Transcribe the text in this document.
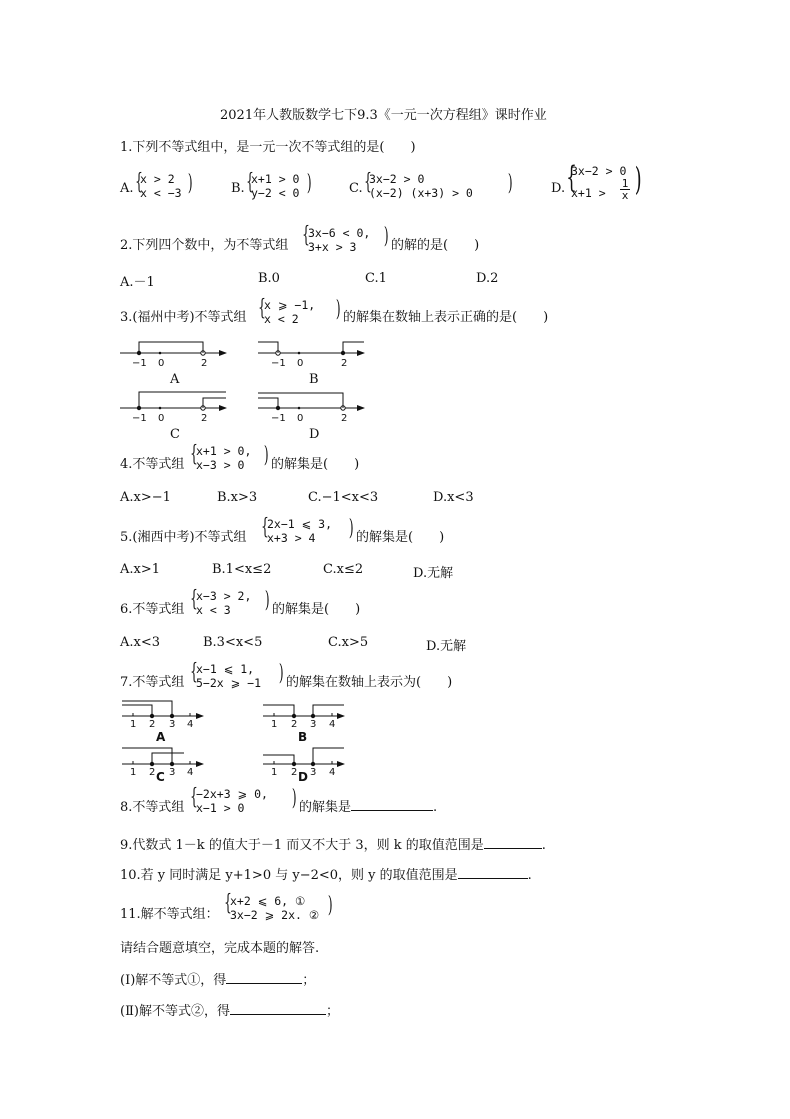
2021年人教版数学七下9.3《一元一次方程组》课时作业
1.下列不等式组中，是一元一次不等式组的是(　　)
A. {
x > 2
x < −3 )	B. {
x+1 > 0
y−2 < 0 )	C. {
3x−2 > 0
(x−2) (x+3) > 0 )	D. {
3x−2 > 0
x+1 >	$\frac{1}{x}$ )
2.下列四个数中，为不等式组 {
3x−6 < 0,
3+x > 3	) 的解的是(　　)
A.－1	B.0	C.1	D.2
3.(福州中考)不等式组 {
x ⩾ −1,
x < 2	) 的解集在数轴上表示正确的是(　　)
−1 0	2
A
−1 0	2
B
−1 0	2
C
−1 0	2
D
1 2 3 4
A
1 2 3 4
B
1 2 3 4
C	1 2 3 4
D
4.不等式组 {
x+1 > 0,
x−3 > 0 ) 的解集是(　　)
A.x>−1	B.x>3	C.−1<x<3	D.x<3
5.(湘西中考)不等式组 {
2x−1 ⩽ 3,
x+3 > 4	) 的解集是(　　)
A.x>1	B.1<x≤2	C.x≤2	D.无解
6.不等式组 {
x−3 > 2,
x < 3	) 的解集是(　　)
A.x<3	B.3<x<5	C.x>5	D.无解
7.不等式组 {
x−1 ⩽ 1,
5−2x ⩾ −1 ) 的解集在数轴上表示为(　　)
8.不等式组 {
−2x+3 ⩾ 0,
x−1 > 0	) 的解集是	.
9.代数式 1－k 的值大于－1 而又不大于 3，则 k 的取值范围是	.
10.若 y 同时满足 y+1>0 与 y−2<0，则 y 的取值范围是	.
11.解不等式组： {
x+2 ⩽ 6, ①
3x−2 ⩾ 2x. ② )
请结合题意填空，完成本题的解答.
(Ⅰ)解不等式①，得	；
(Ⅱ)解不等式②，得	；
